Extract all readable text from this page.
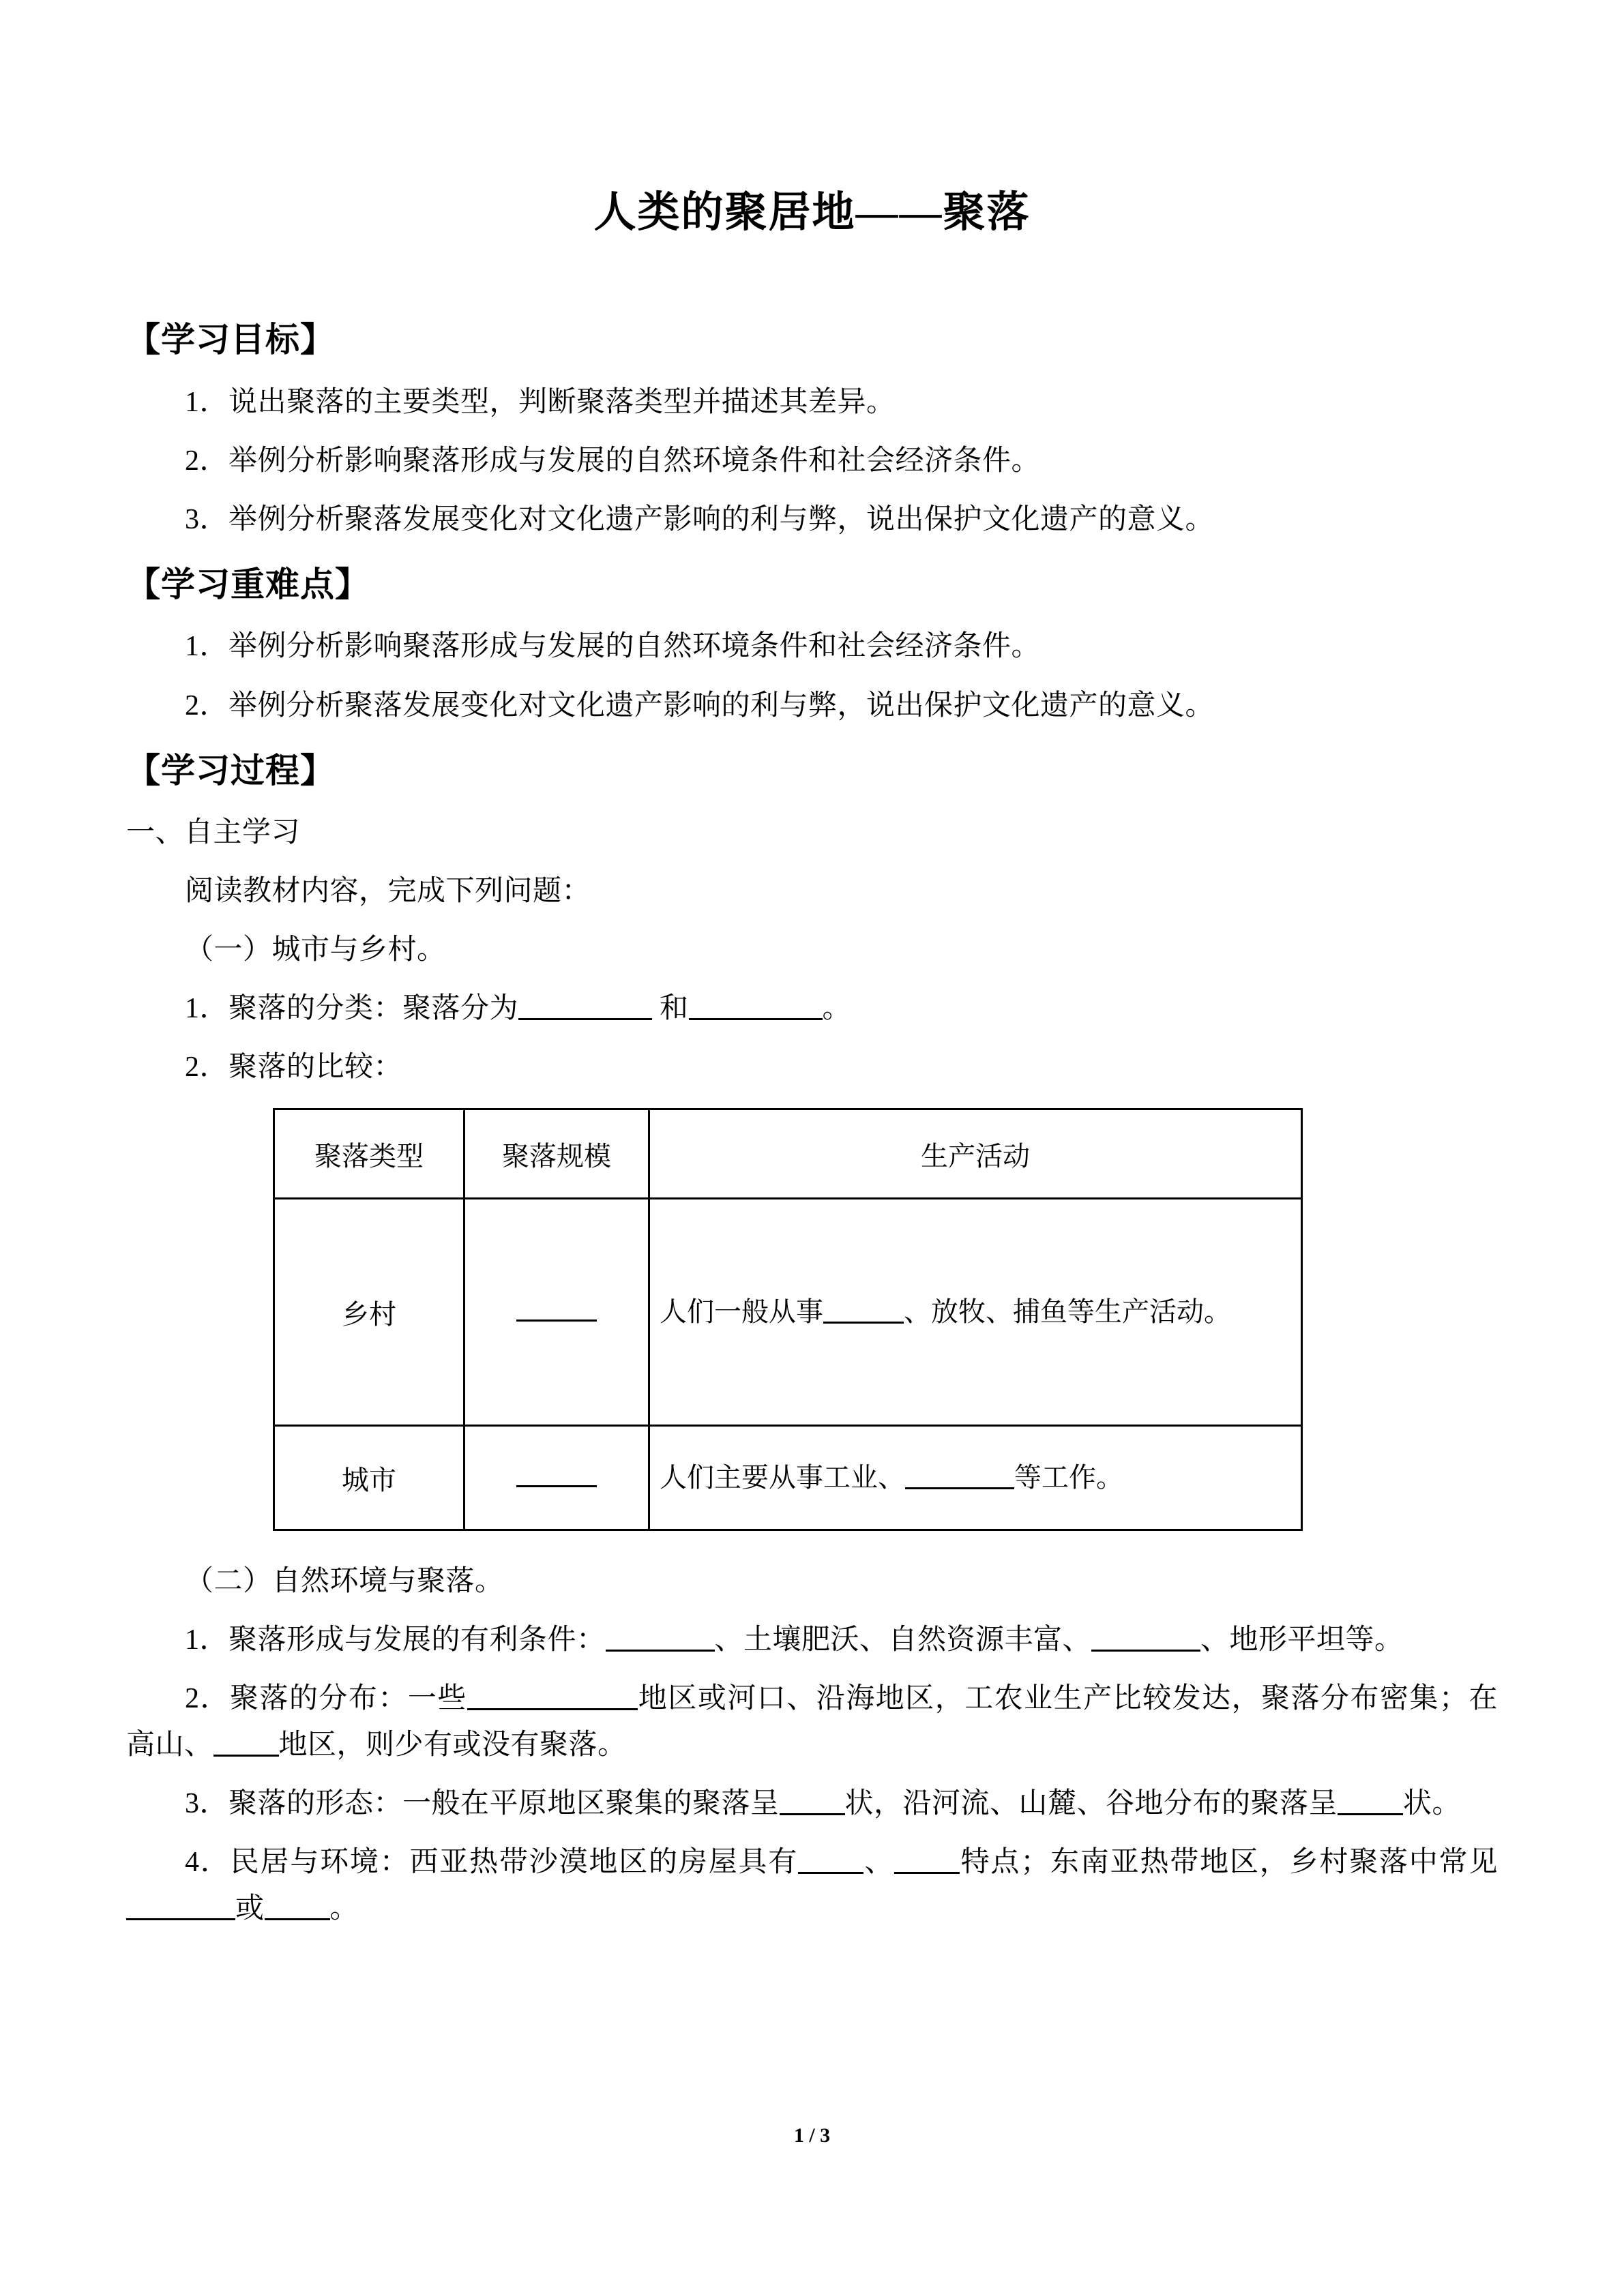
人类的聚居地——聚落
【学习目标】

1．说出聚落的主要类型，判断聚落类型并描述其差异。

2．举例分析影响聚落形成与发展的自然环境条件和社会经济条件。

3．举例分析聚落发展变化对文化遗产影响的利与弊，说出保护文化遗产的意义。

【学习重难点】

1．举例分析影响聚落形成与发展的自然环境条件和社会经济条件。

2．举例分析聚落发展变化对文化遗产影响的利与弊，说出保护文化遗产的意义。

【学习过程】

一、自主学习

阅读教材内容，完成下列问题：

（一）城市与乡村。

1．聚落的分类：聚落分为	和	。

2．聚落的比较：

聚落类型	聚落规模	生产活动
乡村		人们一般从事 、放牧、捕鱼等生产活动。
城市		人们主要从事工业、 等工作。

（二）自然环境与聚落。

1．聚落形成与发展的有利条件：	、土壤肥沃、自然资源丰富、	、地形平坦等。

2．聚落的分布：一些	地区或河口、沿海地区，工农业生产比较发达，聚落分布密集；在高山、 地区，则少有或没有聚落。

3．聚落的形态：一般在平原地区聚集的聚落呈 状，沿河流、山麓、谷地分布的聚落呈 状。

4．民居与环境：西亚热带沙漠地区的房屋具有 、 特点；东南亚热带地区，乡村聚落中常见或 。

1 / 3
